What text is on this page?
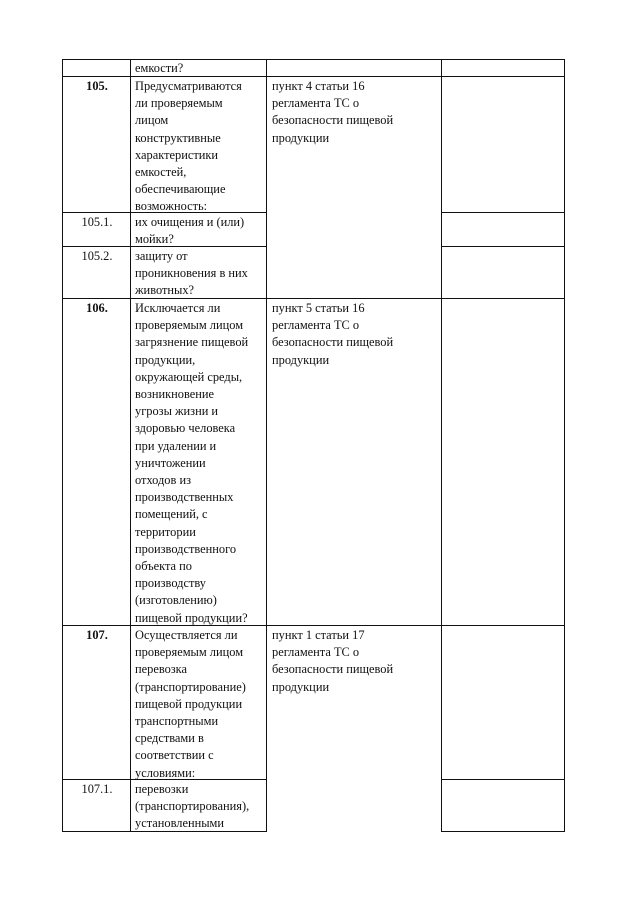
емкости?
105.	Предусматриваются
ли проверяемым
лицом
конструктивные
характеристики
емкостей,
обеспечивающие
возможность:
пункт 4 статьи 16
регламента ТС о
безопасности пищевой
продукции
105.1.	их очищения и (или)
мойки?
105.2.	защиту от
проникновения в них
животных?
106.	Исключается ли
проверяемым лицом
загрязнение пищевой
продукции,
окружающей среды,
возникновение
угрозы жизни и
здоровью человека
при удалении и
уничтожении
отходов из
производственных
помещений, с
территории
производственного
объекта по
производству
(изготовлению)
пищевой продукции?
пункт 5 статьи 16
регламента ТС о
безопасности пищевой
продукции
107.	Осуществляется ли
проверяемым лицом
перевозка
(транспортирование)
пищевой продукции
транспортными
средствами в
соответствии с
условиями:
пункт 1 статьи 17
регламента ТС о
безопасности пищевой
продукции
107.1.	перевозки
(транспортирования),
установленными
